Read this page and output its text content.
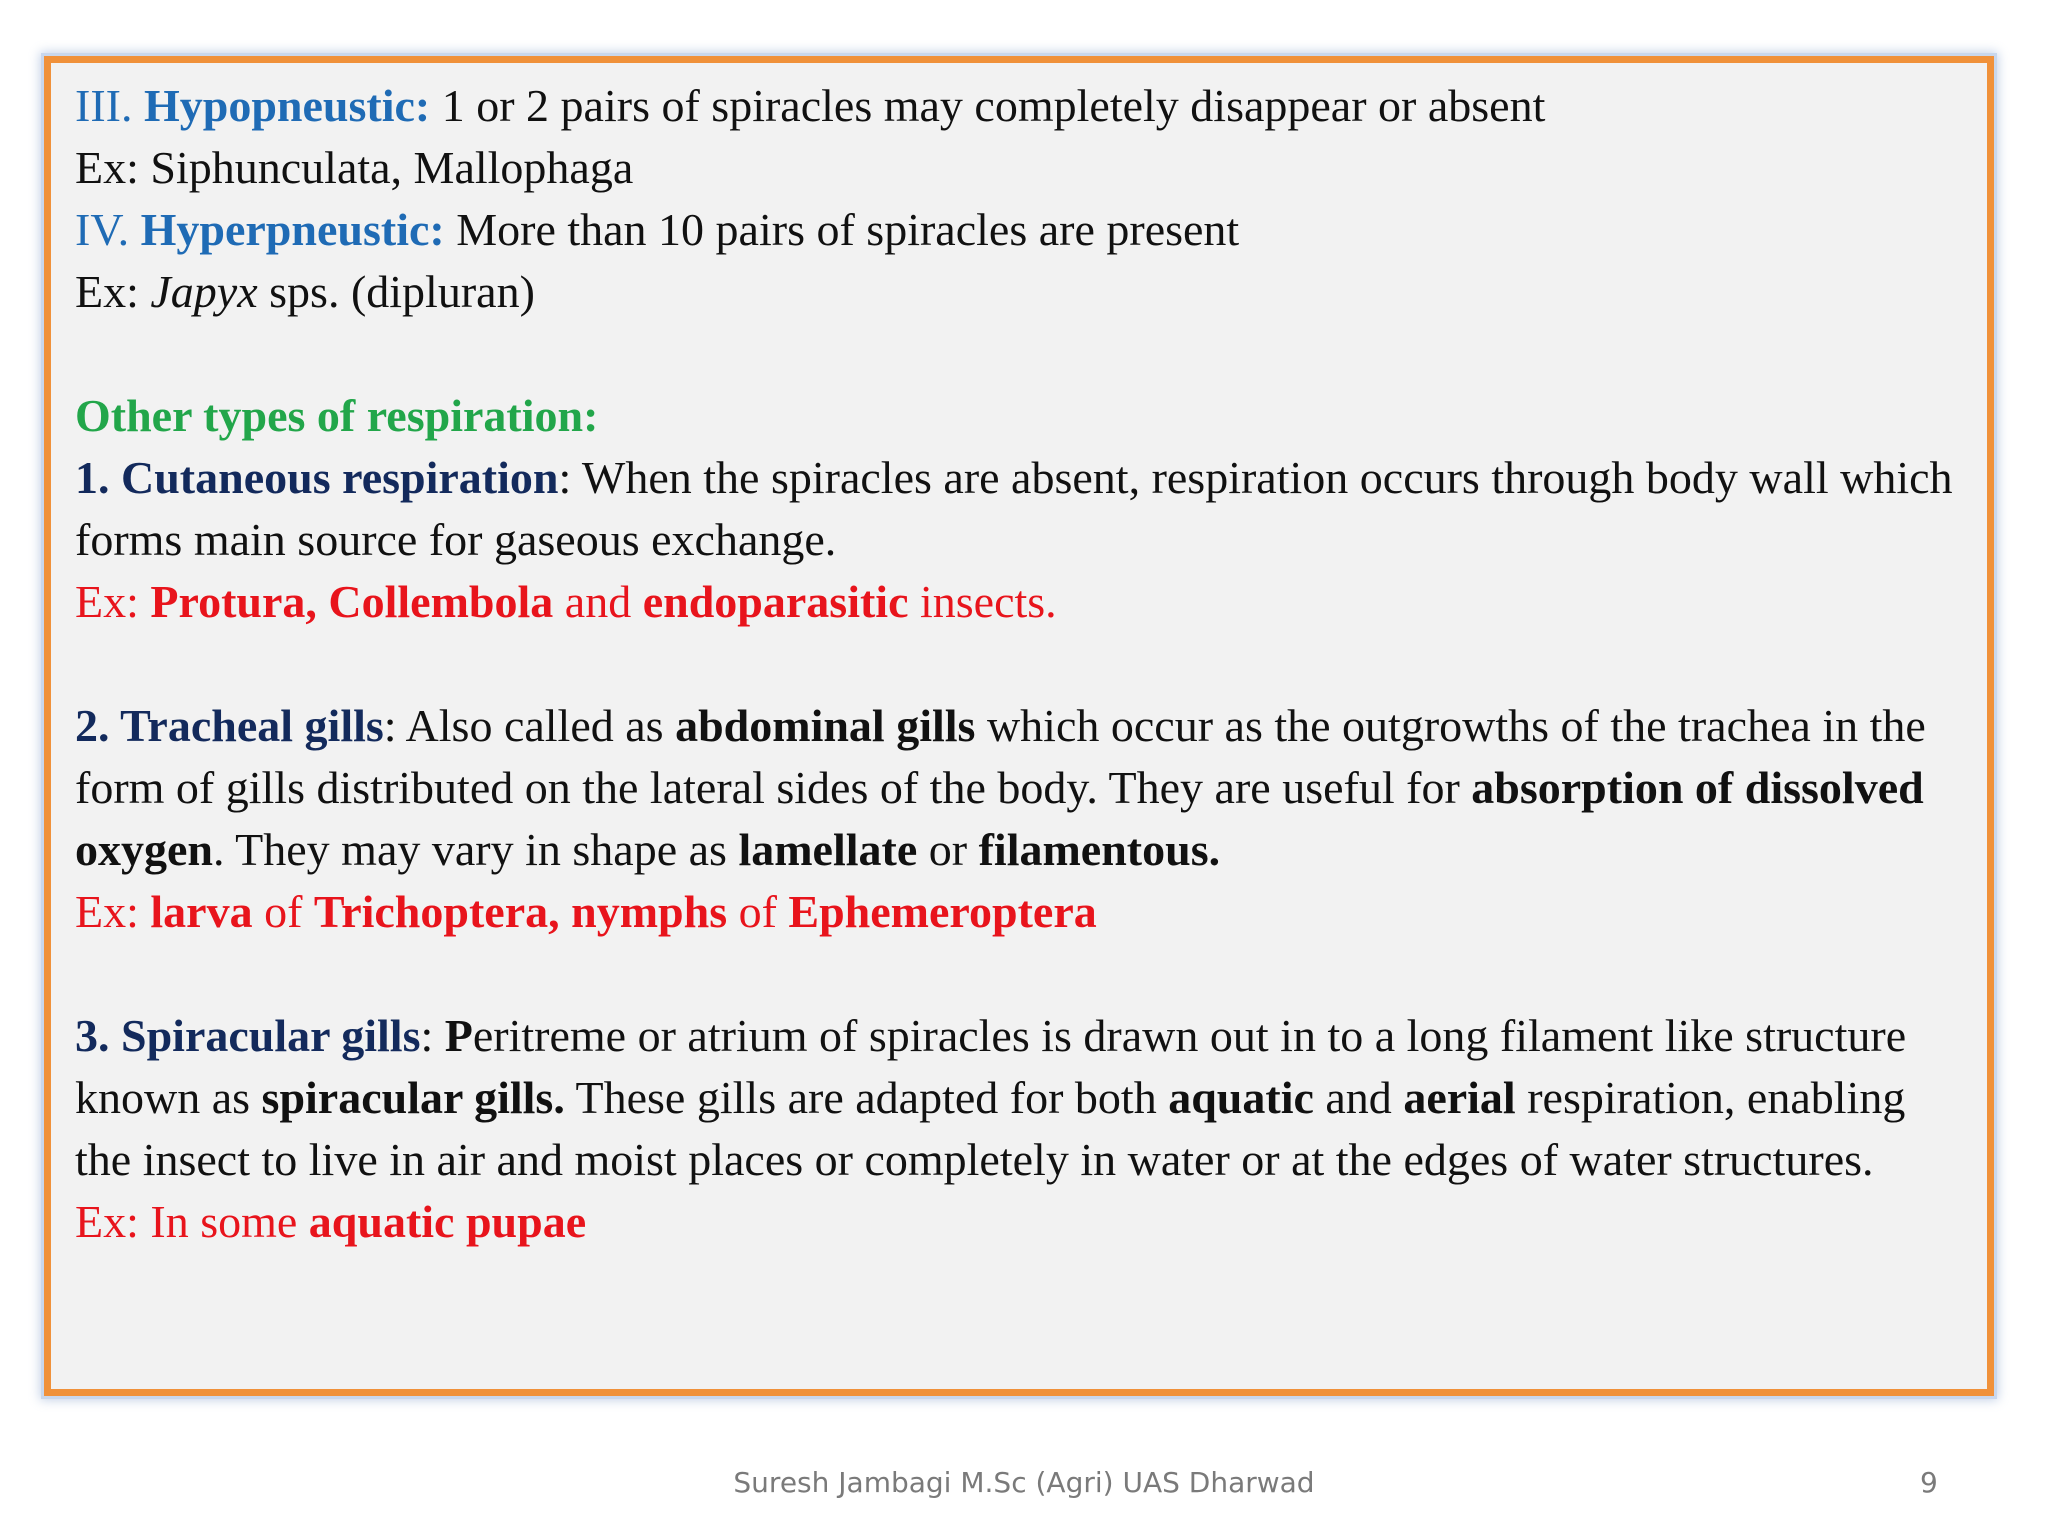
III. Hypopneustic: 1 or 2 pairs of spiracles may completely disappear or absent

Ex: Siphunculata, Mallophaga

IV. Hyperpneustic: More than 10 pairs of spiracles are present

Ex: Japyx sps. (dipluran)

Other types of respiration:

1. Cutaneous respiration: When the spiracles are absent, respiration occurs through body wall which forms main source for gaseous exchange.

Ex: Protura, Collembola and endoparasitic insects.

2. Tracheal gills: Also called as abdominal gills which occur as the outgrowths of the trachea in the form of gills distributed on the lateral sides of the body. They are useful for absorption of dissolved oxygen. They may vary in shape as lamellate or filamentous.

Ex: larva of Trichoptera, nymphs of Ephemeroptera

3. Spiracular gills: Peritreme or atrium of spiracles is drawn out in to a long filament like structure known as spiracular gills. These gills are adapted for both aquatic and aerial respiration, enabling the insect to live in air and moist places or completely in water or at the edges of water structures.

Ex: In some aquatic pupae

Suresh Jambagi M.Sc (Agri) UAS Dharwad	9
